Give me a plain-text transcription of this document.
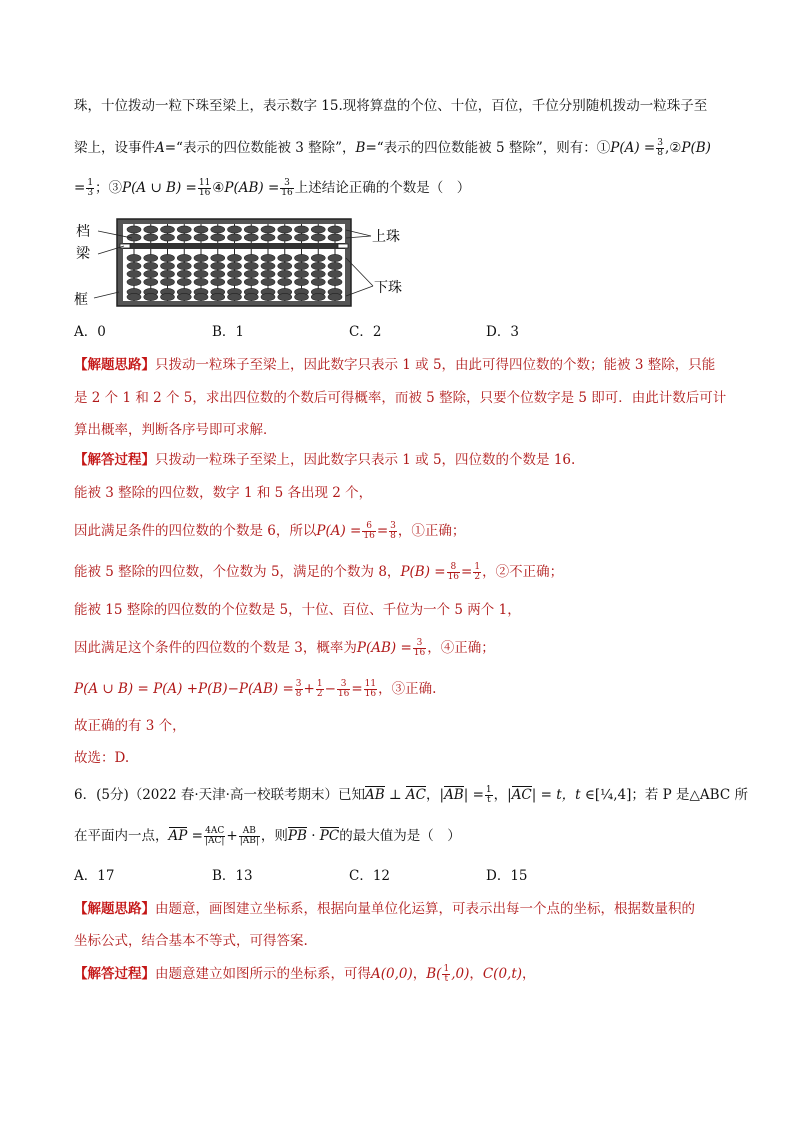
珠，十位拨动一粒下珠至梁上，表示数字 15.现将算盘的个位、十位，百位，千位分别随机拨动一粒珠子至
梁上，设事件A=“表示的四位数能被 3 整除”，B=“表示的四位数能被 5 整除”，则有：①P(A) = $\frac{3}{8}$ ,②P(B)
= $\frac{1}{3}$ ；③P(A ∪ $B) = \frac{11}{16}$ ④P(AB) = $\frac{3}{16}$ 上述结论正确的个数是（　）
档
梁
框
上珠
下珠
A．0	B．1	C．2	D．3
【解题思路】只拨动一粒珠子至梁上，因此数字只表示 1 或 5，由此可得四位数的个数；能被 3 整除，只能
是 2 个 1 和 2 个 5，求出四位数的个数后可得概率，而被 5 整除，只要个位数字是 5 即可．由此计数后可计
算出概率，判断各序号即可求解．
【解答过程】只拨动一粒珠子至梁上，因此数字只表示 1 或 5，四位数的个数是 16.
能被 3 整除的四位数，数字 1 和 5 各出现 2 个，
因此满足条件的四位数的个数是 6，所以$P(A) = \frac{6}{16} = \frac{3}{8}$ ，①正确；
能被 5 整除的四位数，个位数为 5，满足的个数为 8，$P(B) = \frac{8}{16} = \frac{1}{2}$ ，②不正确；
能被 15 整除的四位数的个位数是 5，十位、百位、千位为一个 5 两个 1，
因此满足这个条件的四位数的个数是 3，概率为$P(AB) = \frac{3}{16}$ ，④正确；
P(A ∪ $B) = P(A) +P(B)-P(AB) = \frac{3}{8} + \frac{1}{2} - \frac{3}{16} = \frac{11}{16}$ ，③正确.
故正确的有 3 个，
故选：D.
6．(5分)（2022 春·天津·高一校联考期末）已知AB ⊥ AC，$|AB| = \frac{1}{t}$ ，|AC| = t，t ∈[¼,4]；若 P 是△ABC 所
在平面内一点，AP = $\frac{4AC}{|AC|} + \frac{AB}{|AB|}$ ，则PB · PC的最大值为是（　）
A．17	B．13	C．12	D．15
【解题思路】由题意，画图建立坐标系，根据向量单位化运算，可表示出每一个点的坐标，根据数量积的
坐标公式，结合基本不等式，可得答案.
【解答过程】由题意建立如图所示的坐标系，可得A(0,0)，$B( \frac{1}{t} ,0)$，C(0,t)，
